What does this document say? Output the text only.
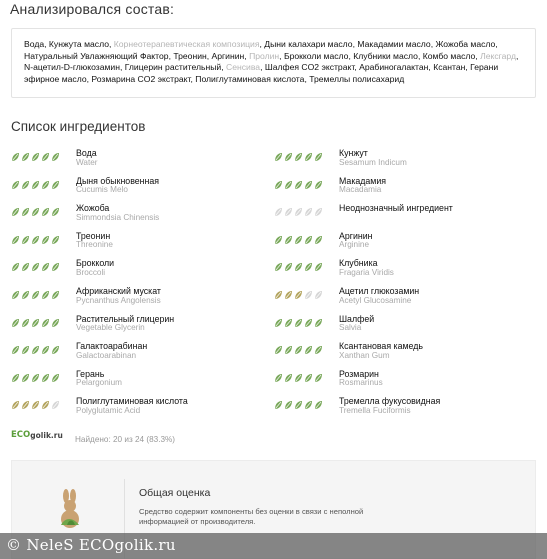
Анализировался состав:
Вода, Кунжута масло, Корнеотерапевтическая композиция, Дыни калахари масло, Макадамии масло, Жожоба масло, Натуральный Увлажняющий Фактор, Треонин, Аргинин, Пролин, Брокколи масло, Клубники масло, Комбо масло, Лексгард, N-ацетил-D-глюкозамин, Глицерин растительный, Сенсива, Шалфея CO2 экстракт, Арабиногалактан, Ксантан, Герани эфирное масло, Розмарина CO2 экстракт, Полиглутаминовая кислота, Тремеллы полисахарид
Список ингредиентов
Вода
Water
Кунжут
Sesamum Indicum
Дыня обыкновенная
Cucumis Melo
Макадамия
Macadamia
Жожоба
Simmondsia Chinensis
Неоднозначный ингредиент
Треонин
Threonine
Аргинин
Arginine
Брокколи
Broccoli
Клубника
Fragaria Viridis
Африканский мускат
Pycnanthus Angolensis
Ацетил глюкозамин
Acetyl Glucosamine
Растительный глицерин
Vegetable Glycerin
Шалфей
Salvia
Галактоарабинан
Galactoarabinan
Ксантановая камедь
Xanthan Gum
Герань
Pelargonium
Розмарин
Rosmarinus
Полиглутаминовая кислота
Polyglutamic Acid
Тремелла фукусовидная
Tremella Fuciformis
ECO golik.ru Найдено: 20 из 24 (83.3%)
Общая оценка
Средство содержит компоненты без оценки в связи с неполной информацией от производителя.
© NeleS ECOgolik.ru
